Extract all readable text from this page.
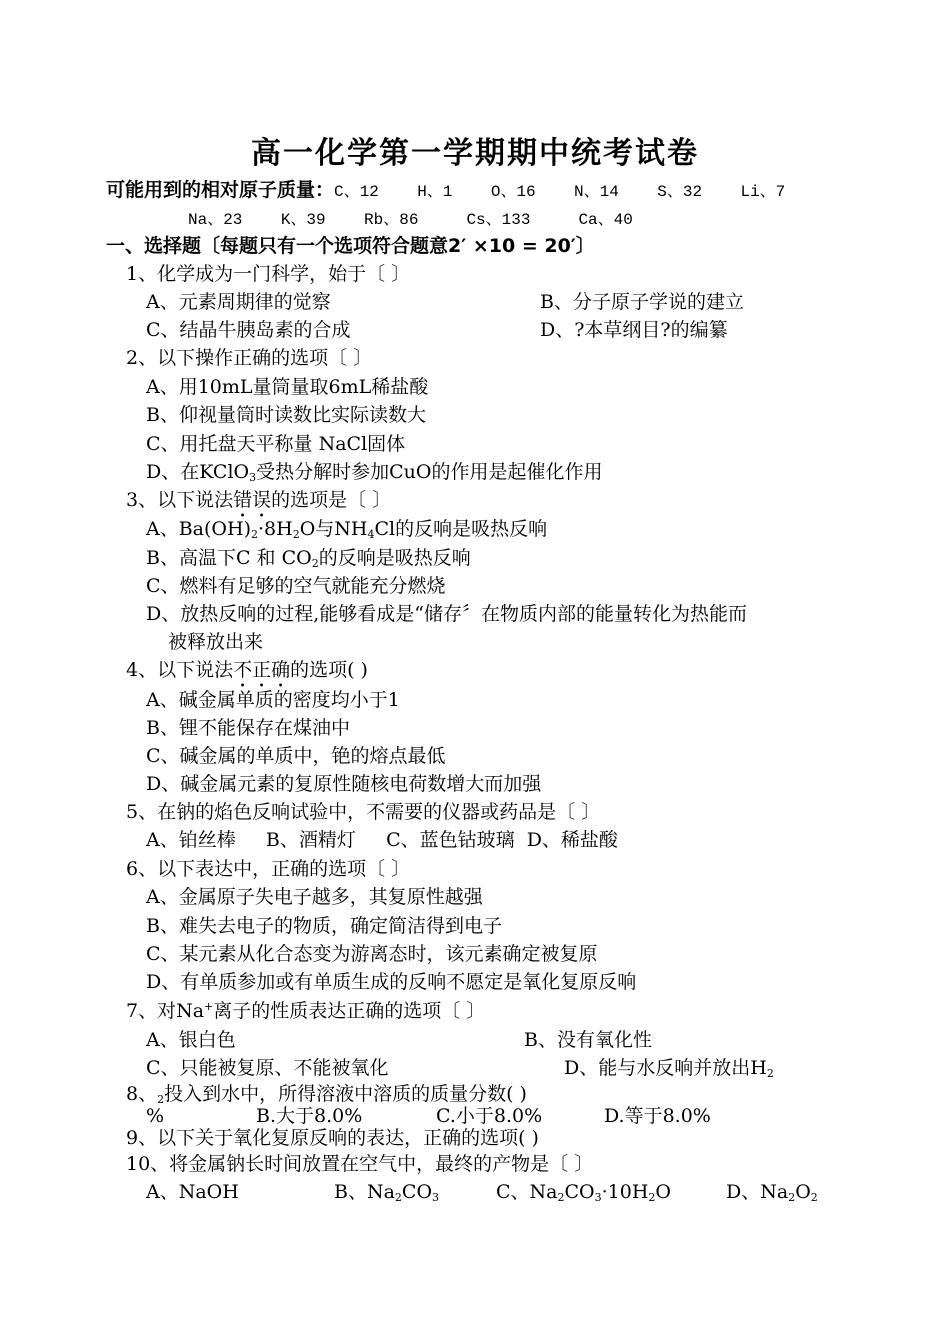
高一化学第一学期期中统考试卷
可能用到的相对原子质量：C、12    H、1    O、16    N、14    S、32    Li、7
Na、23    K、39    Rb、86     Cs、133     Ca、40
一、选择题〔每题只有一个选项符合题意2′ ×10 = 20′〕
1、化学成为一门科学，始于〔 〕
A、元素周期律的觉察	B、分子原子学说的建立
C、结晶牛胰岛素的合成	D、?本草纲目?的编纂
2、以下操作正确的选项〔 〕
A、用10mL量筒量取6mL稀盐酸
B、仰视量筒时读数比实际读数大
C、用托盘天平称量 NaCl固体
D、在KClO$_3$受热分解时参加CuO的作用是起催化作用
3、以下说法错误的选项是〔 〕
A、$Ba(OH)_2\cdot 8H_2O$与$NH_4Cl$的反响是吸热反响
B、高温下C 和 $CO_2$的反响是吸热反响
C、燃料有足够的空气就能充分燃烧
D、放热反响的过程,能够看成是“储存〞在物质内部的能量转化为热能而
被释放出来
4、以下说法不正确的选项( )
A、碱金属单质的密度均小于1
B、锂不能保存在煤油中
C、碱金属的单质中，铯的熔点最低
D、碱金属元素的复原性随核电荷数增大而加强
5、在钠的焰色反响试验中，不需要的仪器或药品是〔 〕
A、铂丝棒     B、酒精灯     C、蓝色钴玻璃  D、稀盐酸
6、以下表达中，正确的选项〔 〕
A、金属原子失电子越多，其复原性越强
B、难失去电子的物质，确定简洁得到电子
C、某元素从化合态变为游离态时，该元素确定被复原
D、有单质参加或有单质生成的反响不愿定是氧化复原反响
7、对Na+离子的性质表达正确的选项〔 〕
A、银白色	B、没有氧化性
C、只能被复原、不能被氧化	D、能与水反响并放出$H_2$
8、$_2$投入到水中，所得溶液中溶质的质量分数( )
%	B.大于8.0%	C.小于8.0%	D.等于8.0%
9、以下关于氧化复原反响的表达，正确的选项( )
10、将金属钠长时间放置在空气中，最终的产物是〔 〕
A、NaOH	B、$Na_2CO_3$	C、$Na_2CO_3\cdot 10H_2O$	D、$Na_2O_2$
